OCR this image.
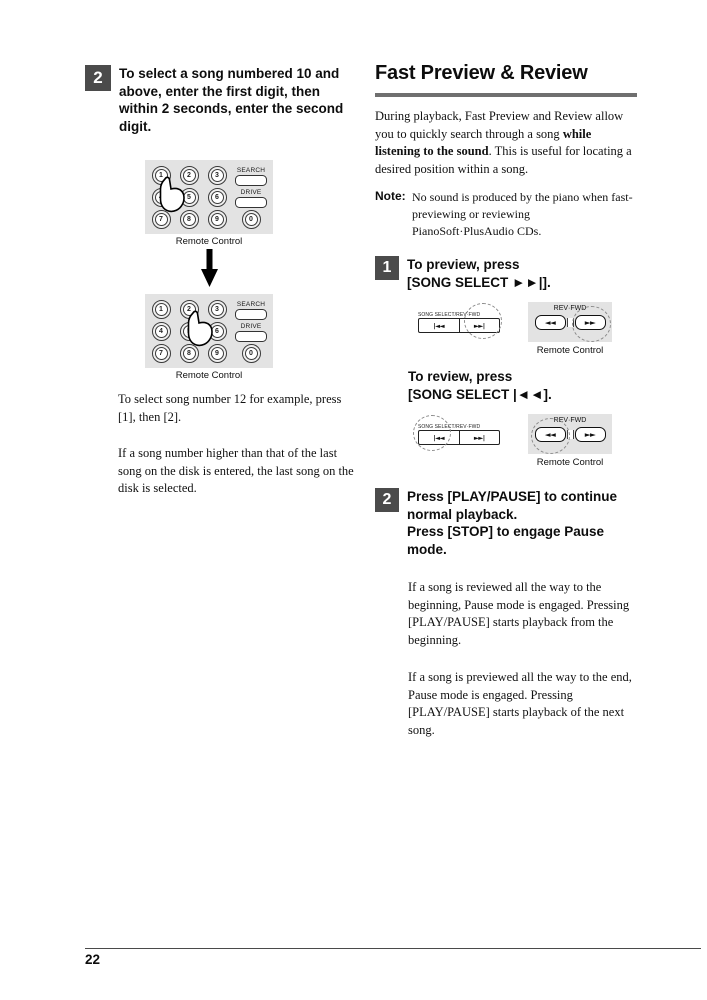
2	To select a song numbered 10 and above, enter the first digit, then within 2 seconds, enter the second digit.
1	2	3
SEARCH
5	6
DRIVE
7	8	9	0
Remote Control
1	2	3
SEARCH
4	6
DRIVE
7	8	9	0
Remote Control

To select song number 12 for example, press [1], then [2].

If a song number higher than that of the last song on the disk is entered, the last song on the disk is selected.

Fast Preview & Review

During playback, Fast Preview and Review allow you to quickly search through a song while listening to the sound. This is useful for locating a desired position within a song.

Note: No sound is produced by the piano when fast-previewing or reviewing PianoSoft·PlusAudio CDs.
1	To preview, press
[SONG SELECT ►►|].
SONG SELECT/REV·FWD
|◄◄	►►|
REV·FWD
◄◄	►►
Remote Control
To review, press
[SONG SELECT |◄◄].
SONG SELECT/REV·FWD
|◄◄	►►|
REV·FWD
◄◄	►►
Remote Control
2	Press [PLAY/PAUSE] to continue normal playback.
Press [STOP] to engage Pause mode.

If a song is reviewed all the way to the beginning, Pause mode is engaged. Pressing [PLAY/PAUSE] starts playback from the beginning.

If a song is previewed all the way to the end, Pause mode is engaged. Pressing [PLAY/PAUSE] starts playback of the next song.

22
